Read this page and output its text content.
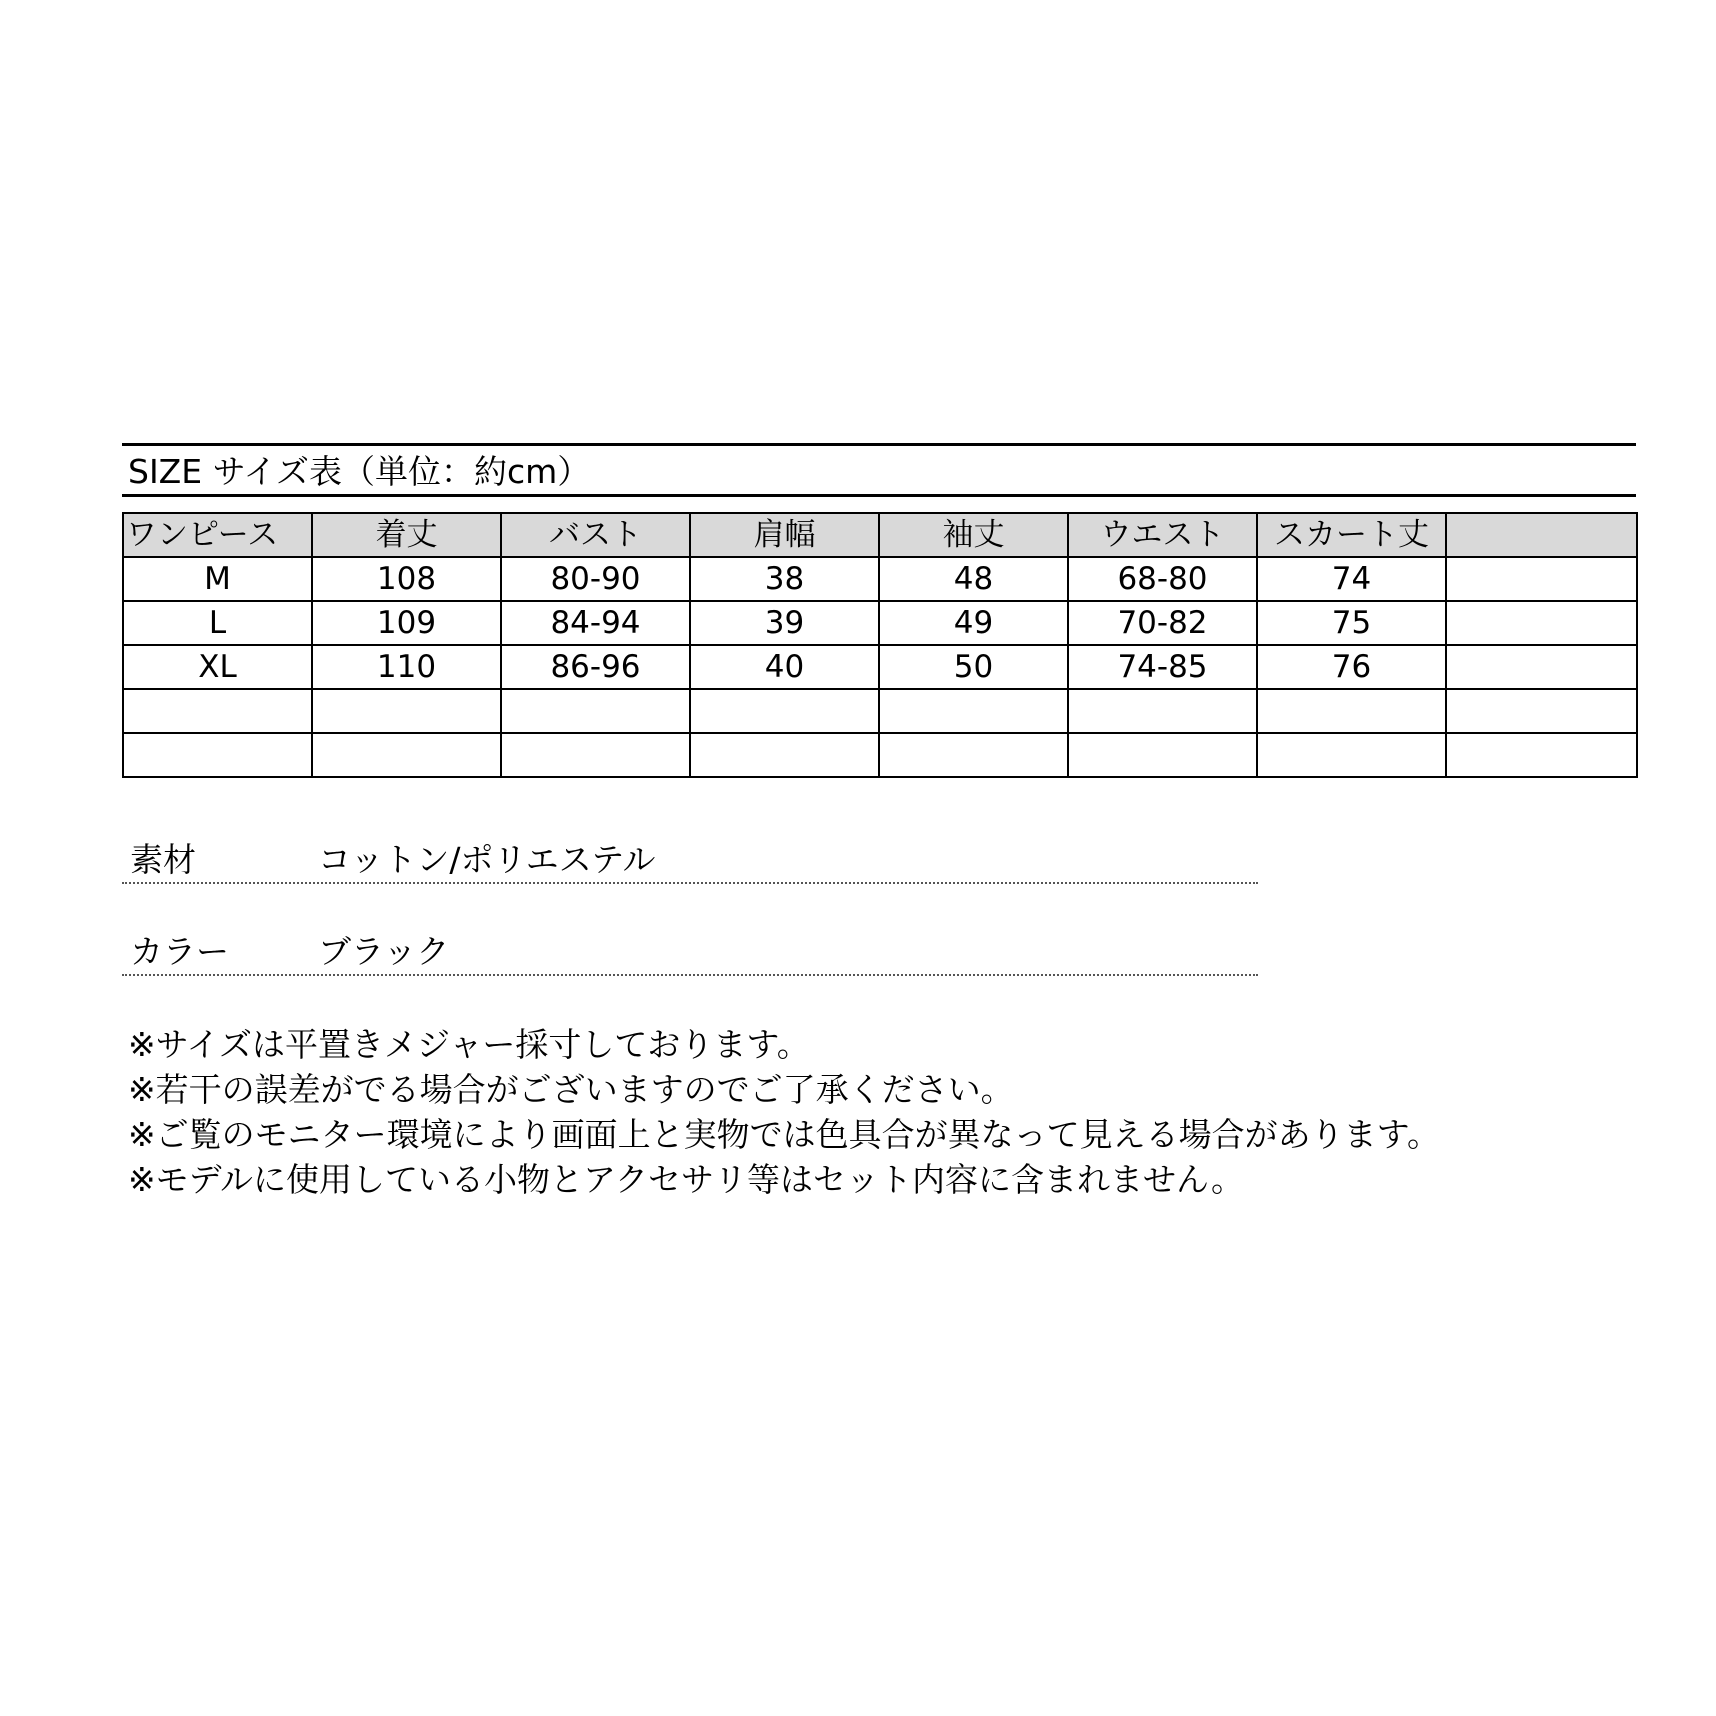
SIZE サイズ表（単位：約cm）
ワンピース	着丈	バスト	肩幅	袖丈	ウエスト	スカート丈	
M	108	80-90	38	48	68-80	74	
L	109	84-94	39	49	70-82	75	
XL	110	86-96	40	50	74-85	76	

素材	コットン/ポリエステル
カラー	ブラック
※サイズは平置きメジャー採寸しております。
※若干の誤差がでる場合がございますのでご了承ください。
※ご覧のモニター環境により画面上と実物では色具合が異なって見える場合があります。
※モデルに使用している小物とアクセサリ等はセット内容に含まれません。
